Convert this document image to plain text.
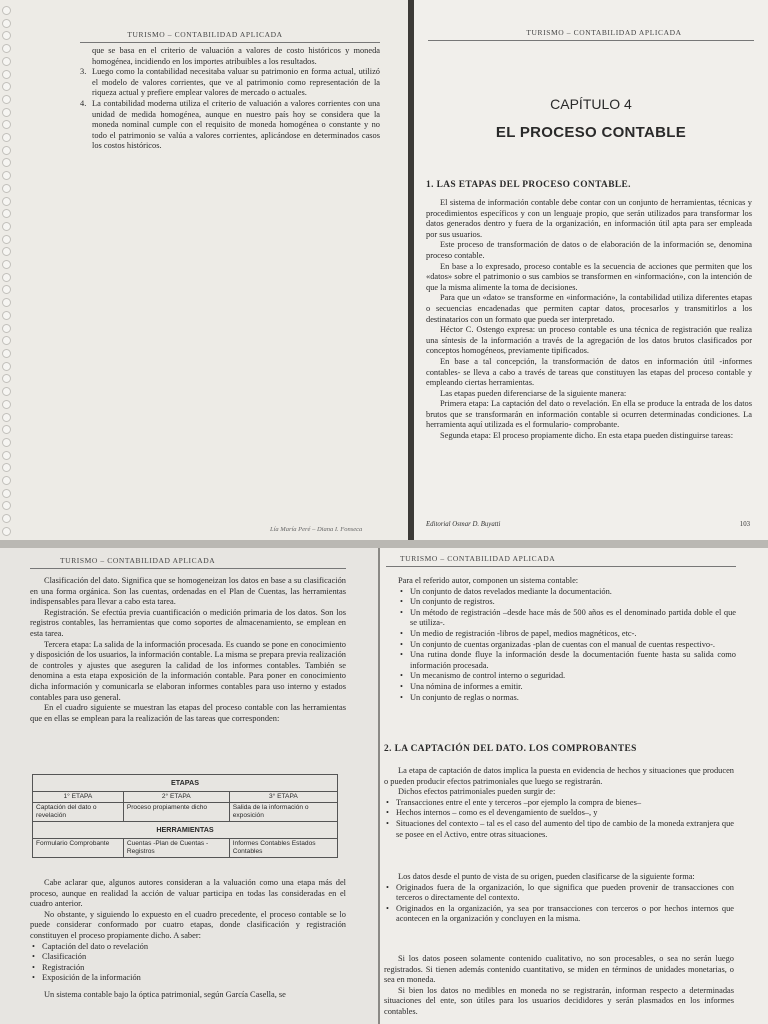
TURISMO – CONTABILIDAD APLICADA
que se basa en el criterio de valuación a valores de costo históricos y moneda homogénea, incidiendo en los importes atribuibles a los resultados.
3. Luego como la contabilidad necesitaba valuar su patrimonio en forma actual, utilizó el modelo de valores corrientes, que ve al patrimonio como representación de la riqueza actual y prefiere emplear valores de mercado o actuales.
4. La contabilidad moderna utiliza el criterio de valuación a valores corrientes con una unidad de medida homogénea, aunque en nuestro país hoy se considera que la moneda nominal cumple con el requisito de moneda homogénea o constante y no todo el patrimonio se valúa a valores corrientes, aplicándose en determinados casos los costos históricos.
Lía María Peré – Diana I. Fonseca
TURISMO – CONTABILIDAD APLICADA
CAPÍTULO 4
EL PROCESO CONTABLE
1. LAS ETAPAS DEL PROCESO CONTABLE.

El sistema de información contable debe contar con un conjunto de herramientas, técnicas y procedimientos específicos y con un lenguaje propio, que serán utilizados para transformar los datos generados dentro y fuera de la organización, en información útil apta para ser empleada por sus usuarios.

Este proceso de transformación de datos o de elaboración de la información se, denomina proceso contable.

En base a lo expresado, proceso contable es la secuencia de acciones que permiten que los «datos» sobre el patrimonio o sus cambios se transformen en «información», con la intención de que la misma alimente la toma de decisiones.

Para que un «dato» se transforme en «información», la contabilidad utiliza diferentes etapas o secuencias encadenadas que permiten captar datos, procesarlos y transmitirlos a los destinatarios con un formato que pueda ser interpretado.

Héctor C. Ostengo expresa: un proceso contable es una técnica de registración que realiza una síntesis de la información a través de la agregación de los datos brutos clasificados por conceptos homogéneos, previamente tipificados.

En base a tal concepción, la transformación de datos en información útil -informes contables- se lleva a cabo a través de tareas que constituyen las etapas del proceso contable y empleando ciertas herramientas.

Las etapas pueden diferenciarse de la siguiente manera:

Primera etapa: La captación del dato o revelación. En ella se produce la entrada de los datos brutos que se transformarán en información contable si ocurren determinadas condiciones. La herramienta aquí utilizada es el formulario- comprobante.

Segunda etapa: El proceso propiamente dicho. En esta etapa pueden distinguirse tareas:

Editorial Osmar D. Buyatti	103
TURISMO – CONTABILIDAD APLICADA

Clasificación del dato. Significa que se homogeneizan los datos en base a su clasificación en una forma orgánica. Son las cuentas, ordenadas en el Plan de Cuentas, las herramientas indispensables para llevar a cabo esta tarea.

Registración. Se efectúa previa cuantificación o medición primaria de los datos. Son los registros contables, las herramientas que como soportes de almacenamiento, se emplean en esta tarea.

Tercera etapa: La salida de la información procesada. Es cuando se pone en conocimiento y disposición de los usuarios, la información contable. La misma se prepara previa realización de controles y ajustes que aseguren la calidad de los informes contables. También se denomina a esta etapa exposición de la información contable. Para poner en conocimiento dicha información y comunicarla se elaboran informes contables para uso interno y estados contables para uso general.

En el cuadro siguiente se muestran las etapas del proceso contable con las herramientas que en ellas se emplean para la realización de las tareas que corresponden:

ETAPAS		
1° ETAPA	2° ETAPA	3° ETAPA
Captación del dato o revelación	Proceso propiamente dicho	Salida de la información o exposición
HERRAMIENTAS		
Formulario Comprobante	Cuentas -Plan de Cuentas - Registros	Informes Contables Estados Contables

Cabe aclarar que, algunos autores consideran a la valuación como una etapa más del proceso, aunque en realidad la acción de valuar participa en todas las consideradas en el cuadro anterior.

No obstante, y siguiendo lo expuesto en el cuadro precedente, el proceso contable se lo puede considerar conformado por cuatro etapas, donde clasificación y registración constituyen el proceso propiamente dicho. A saber:

• Captación del dato o revelación
• Clasificación
• Registración
• Exposición de la información

Un sistema contable bajo la óptica patrimonial, según García Casella, se

TURISMO – CONTABILIDAD APLICADA

Para el referido autor, componen un sistema contable:

• Un conjunto de datos revelados mediante la documentación.
• Un conjunto de registros.
• Un método de registración –desde hace más de 500 años es el denominado partida doble el que se utiliza-.
• Un medio de registración -libros de papel, medios magnéticos, etc-.
• Un conjunto de cuentas organizadas -plan de cuentas con el manual de cuentas respectivo-.
• Una rutina donde fluye la información desde la documentación fuente hasta su salida como información procesada.
• Un mecanismo de control interno o seguridad.
• Una nómina de informes a emitir.
• Un conjunto de reglas o normas.
2. LA CAPTACIÓN DEL DATO. LOS COMPROBANTES

La etapa de captación de datos implica la puesta en evidencia de hechos y situaciones que producen o pueden producir efectos patrimoniales que luego se registrarán.

Dichos efectos patrimoniales pueden surgir de:

• Transacciones entre el ente y terceros –por ejemplo la compra de bienes–
• Hechos internos – como es el devengamiento de sueldos–, y
• Situaciones del contexto – tal es el caso del aumento del tipo de cambio de la moneda extranjera que se posee en el Activo, entre otras situaciones.

Los datos desde el punto de vista de su origen, pueden clasificarse de la siguiente forma:

• Originados fuera de la organización, lo que significa que pueden provenir de transacciones con terceros o directamente del contexto.
• Originados en la organización, ya sea por transacciones con terceros o por hechos internos que acontecen en la organización y concluyen en la misma.

Si los datos poseen solamente contenido cualitativo, no son procesables, o sea no serán luego registrados. Si tienen además contenido cuantitativo, se miden en términos de unidades monetarias, o sea en moneda.

Si bien los datos no medibles en moneda no se registrarán, informan respecto a determinadas situaciones del ente, son útiles para los usuarios decididores y serán plasmados en los informes contables.
